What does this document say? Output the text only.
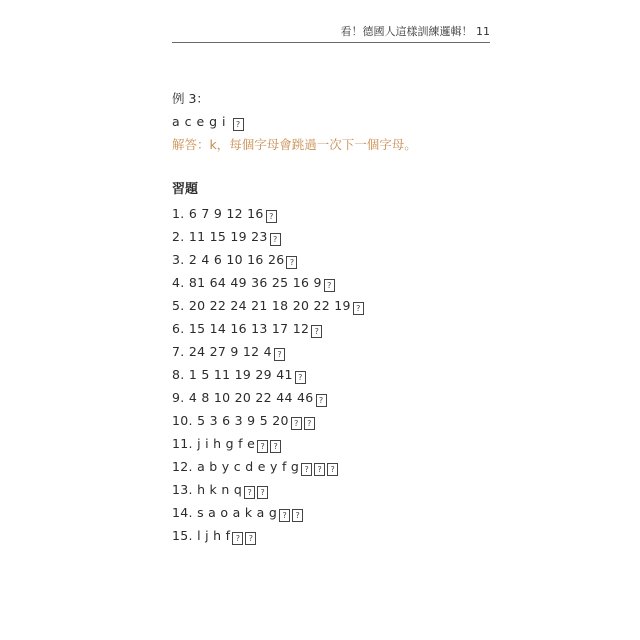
看！德國人這樣訓練邏輯！ 11
例 3：
a c e g i ?
解答：k，每個字母會跳過一次下一個字母。
習題
1. 6 7 9 12 16?
2. 11 15 19 23?
3. 2 4 6 10 16 26?
4. 81 64 49 36 25 16 9?
5. 20 22 24 21 18 20 22 19?
6. 15 14 16 13 17 12?
7. 24 27 9 12 4?
8. 1 5 11 19 29 41?
9. 4 8 10 20 22 44 46?
10. 5 3 6 3 9 5 20??
11. j i h g f e??
12. a b y c d e y f g???
13. h k n q??
14. s a o a k a g??
15. l j h f??
